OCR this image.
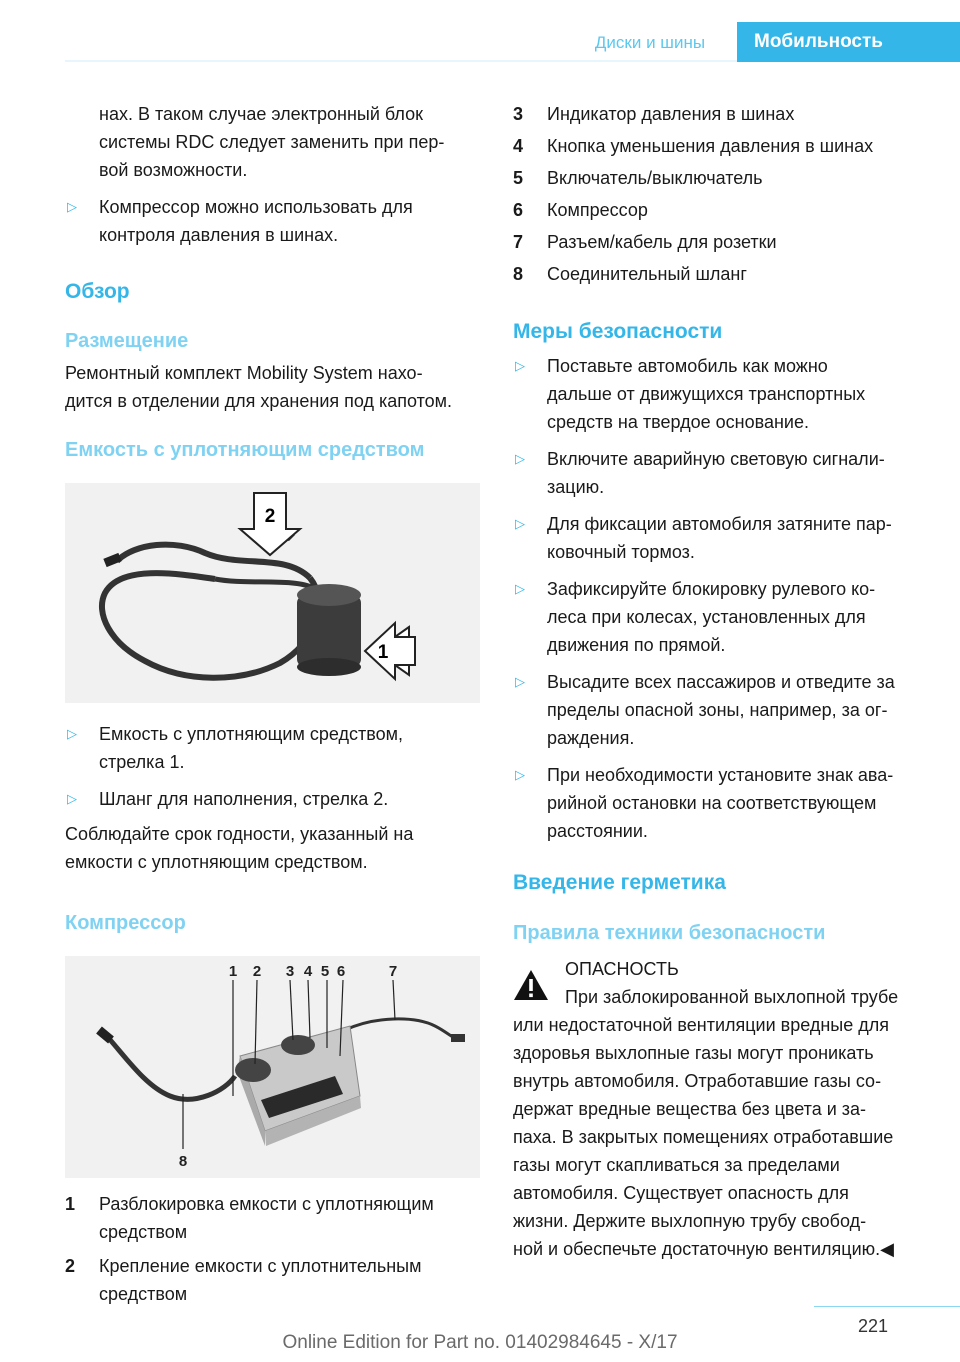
Диски и шины	Мобильность

нах. В таком случае электронный блок

системы RDC следует заменить при пер-

вой возможности.

▷ Компрессор можно использовать для

контроля давления в шинах.

Обзор
Размещение

Ремонтный комплект Mobility System нахо-

дится в отделении для хранения под капотом.

Емкость с уплотняющим средством
2
1
▷ Емкость с уплотняющим средством,

стрелка 1.

▷ Шланг для наполнения, стрелка 2.

Соблюдайте срок годности, указанный на

емкости с уплотняющим средством.

Компрессор
1 2 3 4 5 6	7
8
1 Разблокировка емкости с уплотняющим

средством

2 Крепление емкости с уплотнительным

средством

3 Индикатор давления в шинах

4 Кнопка уменьшения давления в шинах

5 Включатель/выключатель

6 Компрессор

7 Разъем/кабель для розетки

8 Соединительный шланг

Меры безопасности
▷ Поставьте автомобиль как можно

дальше от движущихся транспортных

средств на твердое основание.

▷ Включите аварийную световую сигнали-

зацию.

▷ Для фиксации автомобиля затяните пар-

ковочный тормоз.

▷ Зафиксируйте блокировку рулевого ко-

леса при колесах, установленных для

движения по прямой.

▷ Высадите всех пассажиров и отведите за

пределы опасной зоны, например, за ог-

раждения.

▷ При необходимости установите знак ава-

рийной остановки на соответствующем

расстоянии.

Введение герметика
Правила техники безопасности

ОПАСНОСТЬ

При заблокированной выхлопной трубе

или недостаточной вентиляции вредные для

здоровья выхлопные газы могут проникать

внутрь автомобиля. Отработавшие газы со-

держат вредные вещества без цвета и за-

паха. В закрытых помещениях отработавшие

газы могут скапливаться за пределами

автомобиля. Существует опасность для

жизни. Держите выхлопную трубу свобод-

ной и обеспечьте достаточную вентиляцию.◀

221
Online Edition for Part no. 01402984645 - X/17
